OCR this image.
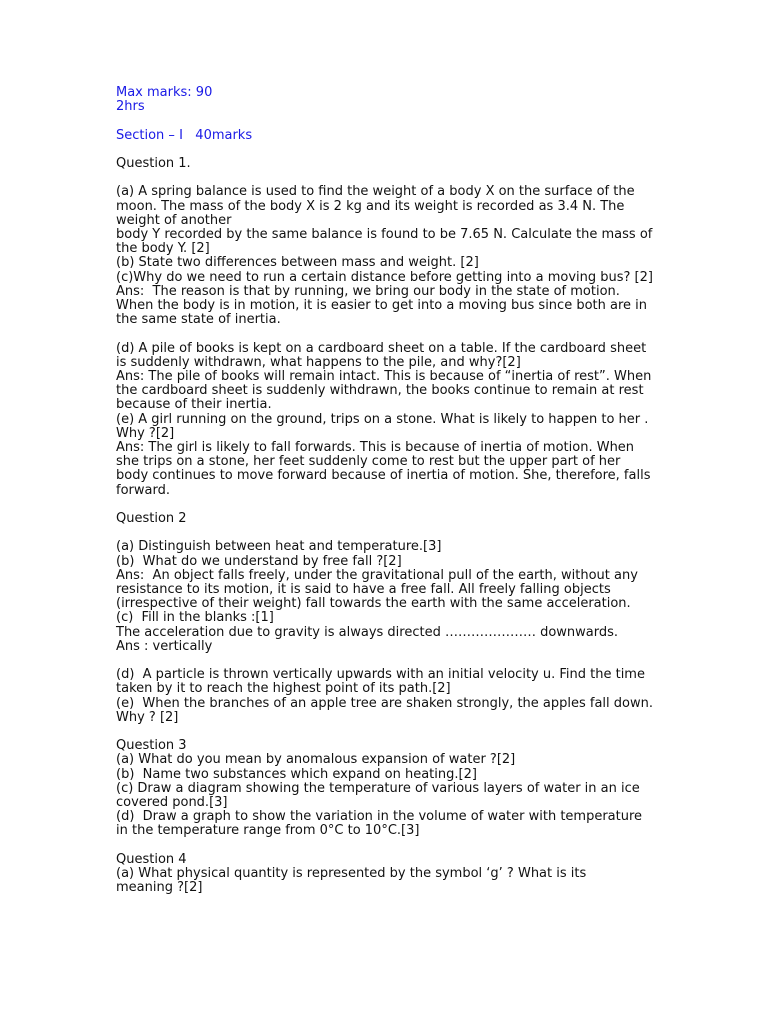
Max marks: 90
2hrs
Section – I   40marks
Question 1.
(a) A spring balance is used to find the weight of a body X on the surface of the
moon. The mass of the body X is 2 kg and its weight is recorded as 3.4 N. The
weight of another
body Y recorded by the same balance is found to be 7.65 N. Calculate the mass of
the body Y. [2]
(b) State two differences between mass and weight. [2]
(c)Why do we need to run a certain distance before getting into a moving bus? [2]
Ans:  The reason is that by running, we bring our body in the state of motion.
When the body is in motion, it is easier to get into a moving bus since both are in
the same state of inertia.
(d) A pile of books is kept on a cardboard sheet on a table. If the cardboard sheet
is suddenly withdrawn, what happens to the pile, and why?[2]
Ans: The pile of books will remain intact. This is because of “inertia of rest”. When
the cardboard sheet is suddenly withdrawn, the books continue to remain at rest
because of their inertia.
(e) A girl running on the ground, trips on a stone. What is likely to happen to her .
Why ?[2]
Ans: The girl is likely to fall forwards. This is because of inertia of motion. When
she trips on a stone, her feet suddenly come to rest but the upper part of her
body continues to move forward because of inertia of motion. She, therefore, falls
forward.
Question 2
(a) Distinguish between heat and temperature.[3]
(b)  What do we understand by free fall ?[2]
Ans:  An object falls freely, under the gravitational pull of the earth, without any
resistance to its motion, it is said to have a free fall. All freely falling objects
(irrespective of their weight) fall towards the earth with the same acceleration.
(c)  Fill in the blanks :[1]
The acceleration due to gravity is always directed ………………… downwards.
Ans : vertically
(d)  A particle is thrown vertically upwards with an initial velocity u. Find the time
taken by it to reach the highest point of its path.[2]
(e)  When the branches of an apple tree are shaken strongly, the apples fall down.
Why ? [2]
Question 3
(a) What do you mean by anomalous expansion of water ?[2]
(b)  Name two substances which expand on heating.[2]
(c) Draw a diagram showing the temperature of various layers of water in an ice
covered pond.[3]
(d)  Draw a graph to show the variation in the volume of water with temperature
in the temperature range from 0°C to 10°C.[3]
Question 4
(a) What physical quantity is represented by the symbol ‘g’ ? What is its
meaning ?[2]
